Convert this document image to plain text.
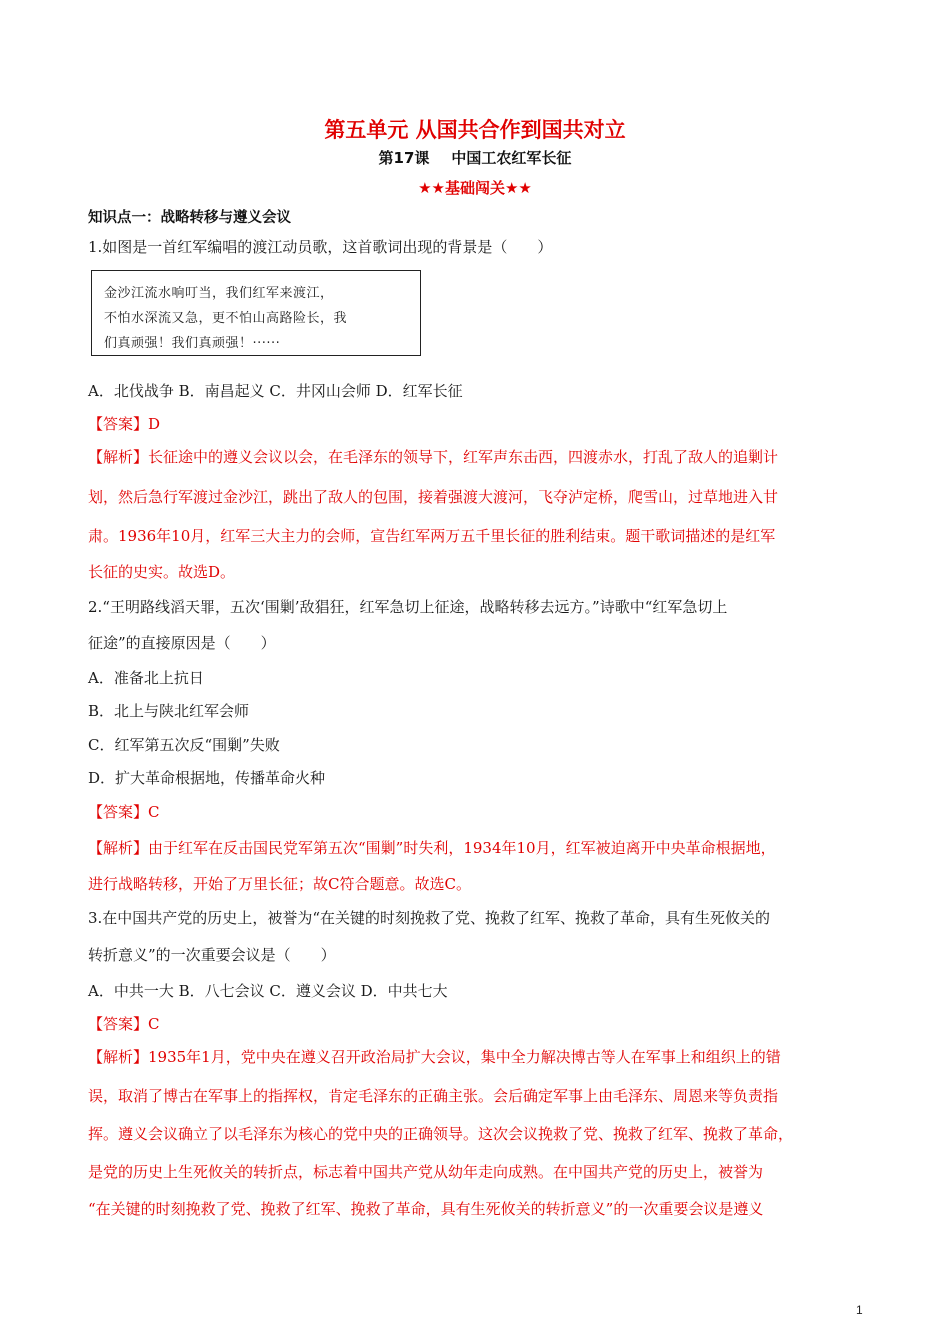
第五单元 从国共合作到国共对立
第17课 中国工农红军长征
★★基础闯关★★
知识点一：战略转移与遵义会议
1.如图是一首红军编唱的渡江动员歌，这首歌词出现的背景是（　　）
金沙江流水响叮当，我们红军来渡江，
不怕水深流又急，更不怕山高路险长，我
们真顽强！我们真顽强！······
A．北伐战争 B．南昌起义 C．井冈山会师 D．红军长征
【答案】D
【解析】长征途中的遵义会议以会，在毛泽东的领导下，红军声东击西，四渡赤水，打乱了敌人的追剿计
划，然后急行军渡过金沙江，跳出了敌人的包围，接着强渡大渡河，飞夺泸定桥，爬雪山，过草地进入甘
肃。1936年10月，红军三大主力的会师，宣告红军两万五千里长征的胜利结束。题干歌词描述的是红军
长征的史实。故选D。
2.“王明路线滔天罪，五次‘围剿’敌猖狂，红军急切上征途，战略转移去远方。”诗歌中“红军急切上
征途”的直接原因是（　　）
A．准备北上抗日
B．北上与陕北红军会师
C．红军第五次反“围剿”失败
D．扩大革命根据地，传播革命火种
【答案】C
【解析】由于红军在反击国民党军第五次“围剿”时失利，1934年10月，红军被迫离开中央革命根据地，
进行战略转移，开始了万里长征；故C符合题意。故选C。
3.在中国共产党的历史上，被誉为“在关键的时刻挽救了党、挽救了红军、挽救了革命，具有生死攸关的
转折意义”的一次重要会议是（　　）
A．中共一大 B．八七会议 C．遵义会议 D．中共七大
【答案】C
【解析】1935年1月，党中央在遵义召开政治局扩大会议，集中全力解决博古等人在军事上和组织上的错
误，取消了博古在军事上的指挥权，肯定毛泽东的正确主张。会后确定军事上由毛泽东、周恩来等负责指
挥。遵义会议确立了以毛泽东为核心的党中央的正确领导。这次会议挽救了党、挽救了红军、挽救了革命，
是党的历史上生死攸关的转折点，标志着中国共产党从幼年走向成熟。在中国共产党的历史上，被誉为
“在关键的时刻挽救了党、挽救了红军、挽救了革命，具有生死攸关的转折意义”的一次重要会议是遵义
1
